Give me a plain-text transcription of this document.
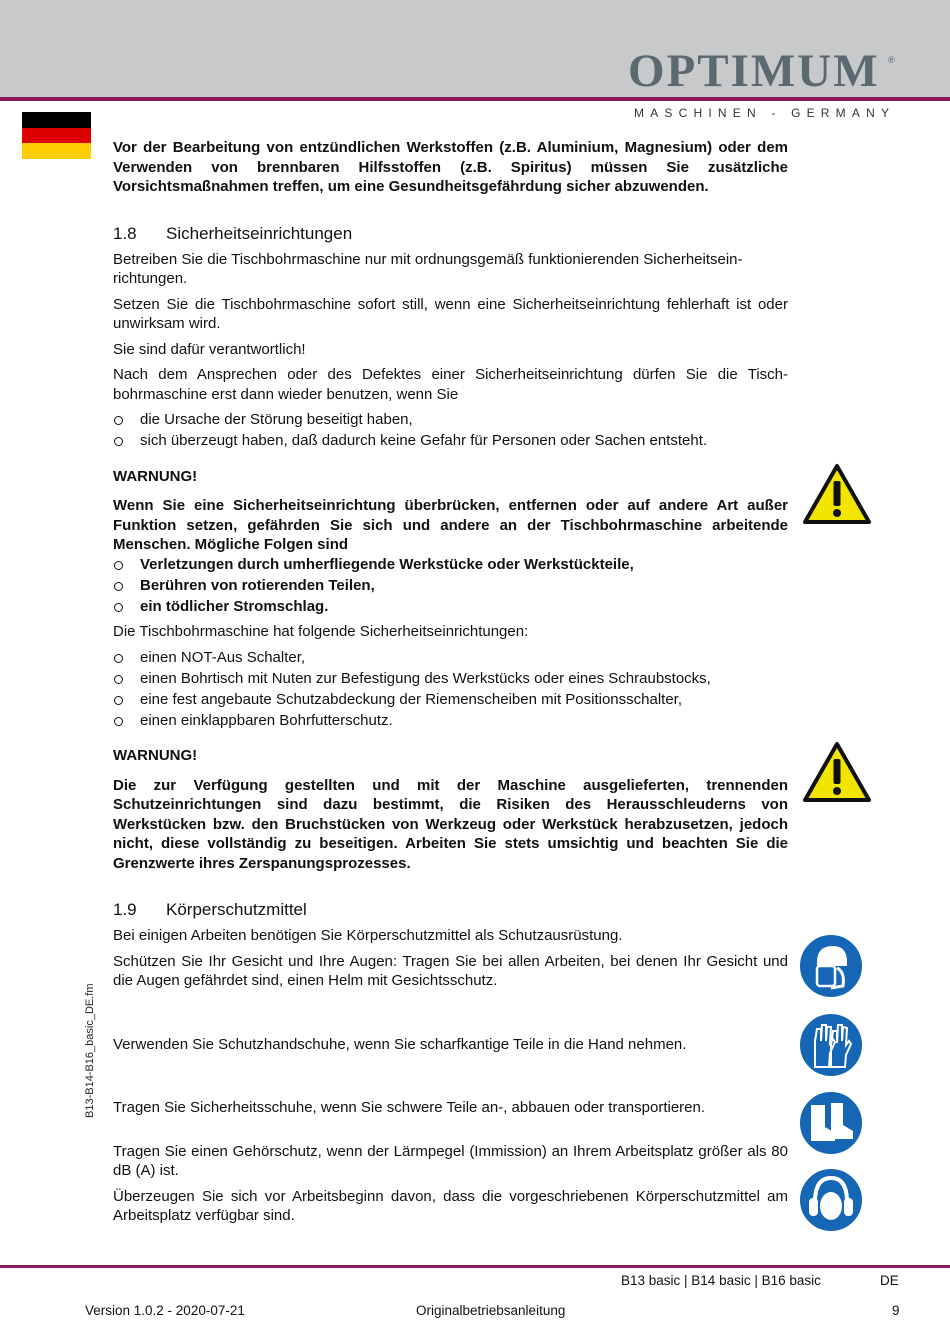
OPTIMUM ®
MASCHINEN - GERMANY

Vor der Bearbeitung von entzündlichen Werkstoffen (z.B. Aluminium, Magnesium) oder dem Verwenden von brennbaren Hilfsstoffen (z.B. Spiritus) müssen Sie zusätzliche Vorsichtsmaßnahmen treffen, um eine Gesundheitsgefährdung sicher abzuwenden.

1.8 Sicherheitseinrichtungen

Betreiben Sie die Tischbohrmaschine nur mit ordnungsgemäß funktionierenden Sicherheitseinrichtungen.

Setzen Sie die Tischbohrmaschine sofort still, wenn eine Sicherheitseinrichtung fehlerhaft ist oder unwirksam wird.

Sie sind dafür verantwortlich!

Nach dem Ansprechen oder des Defektes einer Sicherheitseinrichtung dürfen Sie die Tischbohrmaschine erst dann wieder benutzen, wenn Sie

die Ursache der Störung beseitigt haben,
sich überzeugt haben, daß dadurch keine Gefahr für Personen oder Sachen entsteht.

WARNUNG!

Wenn Sie eine Sicherheitseinrichtung überbrücken, entfernen oder auf andere Art außer Funktion setzen, gefährden Sie sich und andere an der Tischbohrmaschine arbeitende Menschen. Mögliche Folgen sind

Verletzungen durch umherfliegende Werkstücke oder Werkstückteile,
Berühren von rotierenden Teilen,
ein tödlicher Stromschlag.

Die Tischbohrmaschine hat folgende Sicherheitseinrichtungen:

einen NOT-Aus Schalter,
einen Bohrtisch mit Nuten zur Befestigung des Werkstücks oder eines Schraubstocks,
eine fest angebaute Schutzabdeckung der Riemenscheiben mit Positionsschalter,
einen einklappbaren Bohrfutterschutz.

WARNUNG!

Die zur Verfügung gestellten und mit der Maschine ausgelieferten, trennenden Schutzeinrichtungen sind dazu bestimmt, die Risiken des Herausschleuderns von Werkstücken bzw. den Bruchstücken von Werkzeug oder Werkstück herabzusetzen, jedoch nicht, diese vollständig zu beseitigen. Arbeiten Sie stets umsichtig und beachten Sie die Grenzwerte ihres Zerspanungsprozesses.

1.9 Körperschutzmittel

Bei einigen Arbeiten benötigen Sie Körperschutzmittel als Schutzausrüstung.

Schützen Sie Ihr Gesicht und Ihre Augen: Tragen Sie bei allen Arbeiten, bei denen Ihr Gesicht und die Augen gefährdet sind, einen Helm mit Gesichtsschutz.

Verwenden Sie Schutzhandschuhe, wenn Sie scharfkantige Teile in die Hand nehmen.

Tragen Sie Sicherheitsschuhe, wenn Sie schwere Teile an-, abbauen oder transportieren.

Tragen Sie einen Gehörschutz, wenn der Lärmpegel (Immission) an Ihrem Arbeitsplatz größer als 80 dB (A) ist.

Überzeugen Sie sich vor Arbeitsbeginn davon, dass die vorgeschriebenen Körperschutzmittel am Arbeitsplatz verfügbar sind.

B13-B14-B16_basic_DE.fm
B13 basic | B14 basic | B16 basic	DE
Version 1.0.2 - 2020-07-21	Originalbetriebsanleitung	9
